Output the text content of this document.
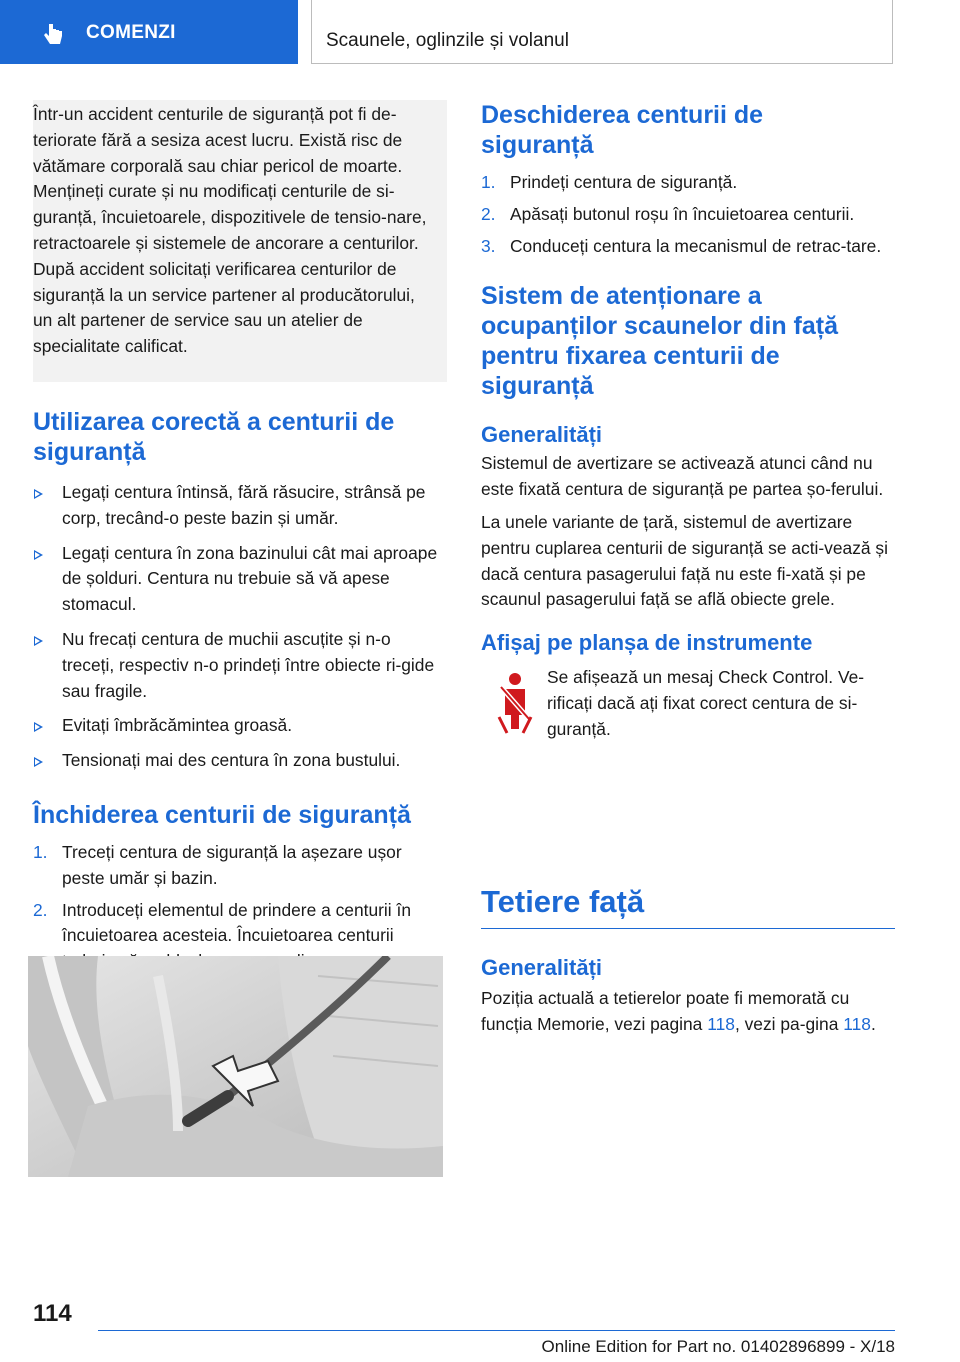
COMENZI	Scaunele, oglinzile și volanul

Într-un accident centurile de siguranță pot fi de-teriorate fără a sesiza acest lucru. Există risc de vătămare corporală sau chiar pericol de moarte. Mențineți curate și nu modificați centurile de si-guranță, încuietoarele, dispozitivele de tensio-nare, retractoarele și sistemele de ancorare a centurilor. După accident solicitați verificarea centurilor de siguranță la un service partener al producătorului, un alt partener de service sau un atelier de specialitate calificat.

Utilizarea corectă a centurii de siguranță
Legați centura întinsă, fără răsucire, strânsă pe corp, trecând-o peste bazin și umăr.
Legați centura în zona bazinului cât mai aproape de șolduri. Centura nu trebuie să vă apese stomacul.
Nu frecați centura de muchii ascuțite și n-o treceți, respectiv n-o prindeți între obiecte ri-gide sau fragile.
Evitați îmbrăcămintea groasă.
Tensionați mai des centura în zona bustului.
Închiderea centurii de siguranță
1. Treceți centura de siguranță la așezare ușor peste umăr și bazin.
2. Introduceți elementul de prindere a centurii în încuietoarea acesteia. Încuietoarea centurii
Deschiderea centurii de siguranță
1. Prindeți centura de siguranță.
2. Apăsați butonul roșu în încuietoarea centurii.
3. Conduceți centura la mecanismul de retrac-tare.
Sistem de atenționare a ocupanților scaunelor din față pentru fixarea centurii de siguranță
Generalități

Sistemul de avertizare se activează atunci când nu este fixată centura de siguranță pe partea șo-ferului.

La unele variante de țară, sistemul de avertizare pentru cuplarea centurii de siguranță se acti-vează și dacă centura pasagerului față nu este fi-xată și pe scaunul pasagerului față se află obiecte grele.

Afișaj pe planșa de instrumente

Se afișează un mesaj Check Control. Ve-rificați dacă ați fixat corect centura de si-guranță.

Tetiere față
Generalități

Poziția actuală a tetierelor poate fi memorată cu funcția Memorie, vezi pagina 118, vezi pa-gina 118.

114
Online Edition for Part no. 01402896899 - X/18
